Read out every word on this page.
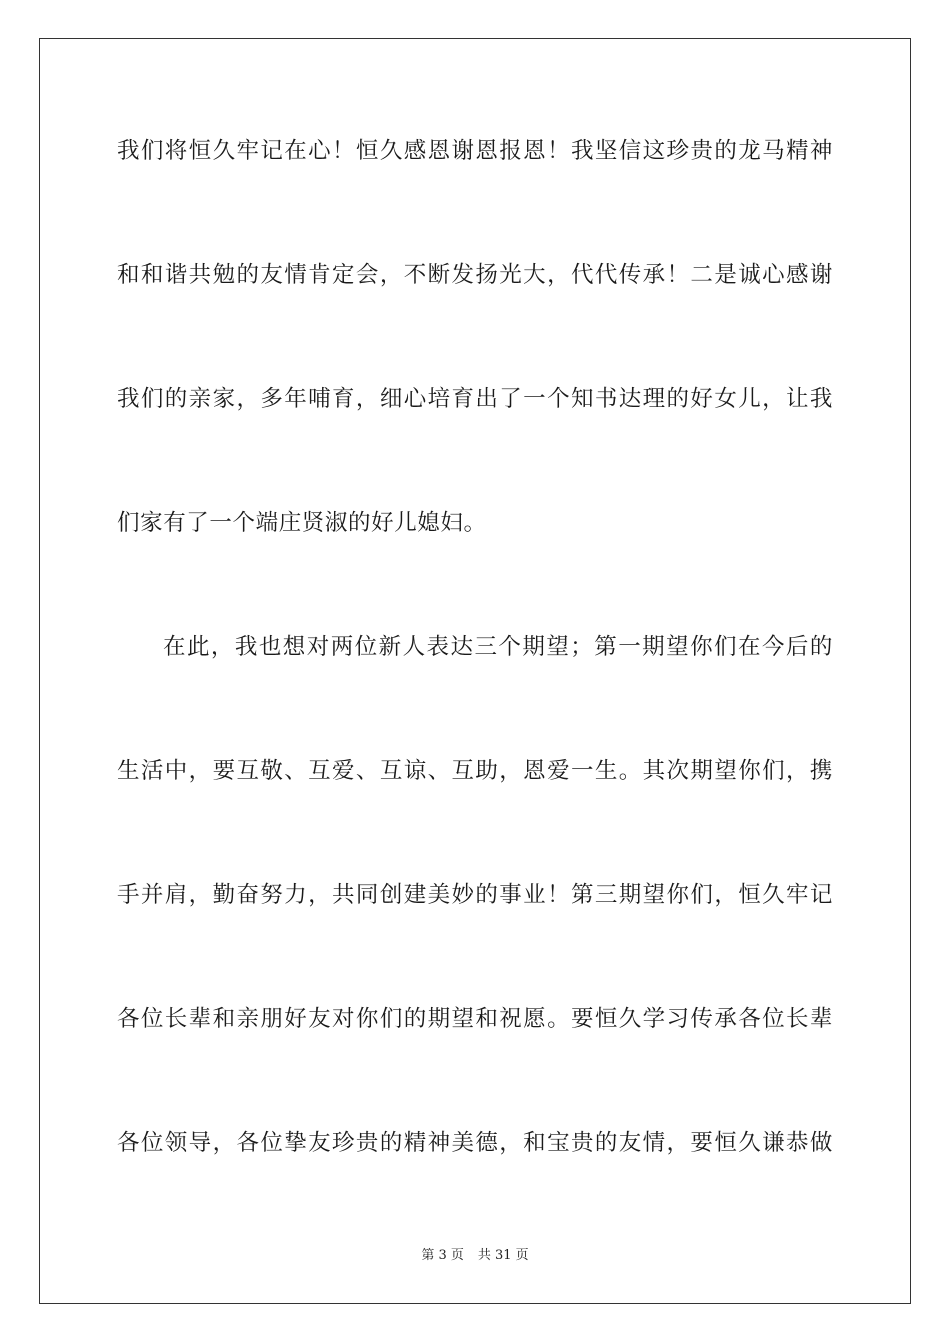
我们将恒久牢记在心！恒久感恩谢恩报恩！我坚信这珍贵的龙马精神
和和谐共勉的友情肯定会，不断发扬光大，代代传承！二是诚心感谢
我们的亲家，多年哺育，细心培育出了一个知书达理的好女儿，让我
们家有了一个端庄贤淑的好儿媳妇。
在此，我也想对两位新人表达三个期望；第一期望你们在今后的
生活中，要互敬、互爱、互谅、互助，恩爱一生。其次期望你们，携
手并肩，勤奋努力，共同创建美妙的事业！第三期望你们，恒久牢记
各位长辈和亲朋好友对你们的期望和祝愿。要恒久学习传承各位长辈
各位领导，各位挚友珍贵的精神美德，和宝贵的友情，要恒久谦恭做
第 3 页 共 31 页
